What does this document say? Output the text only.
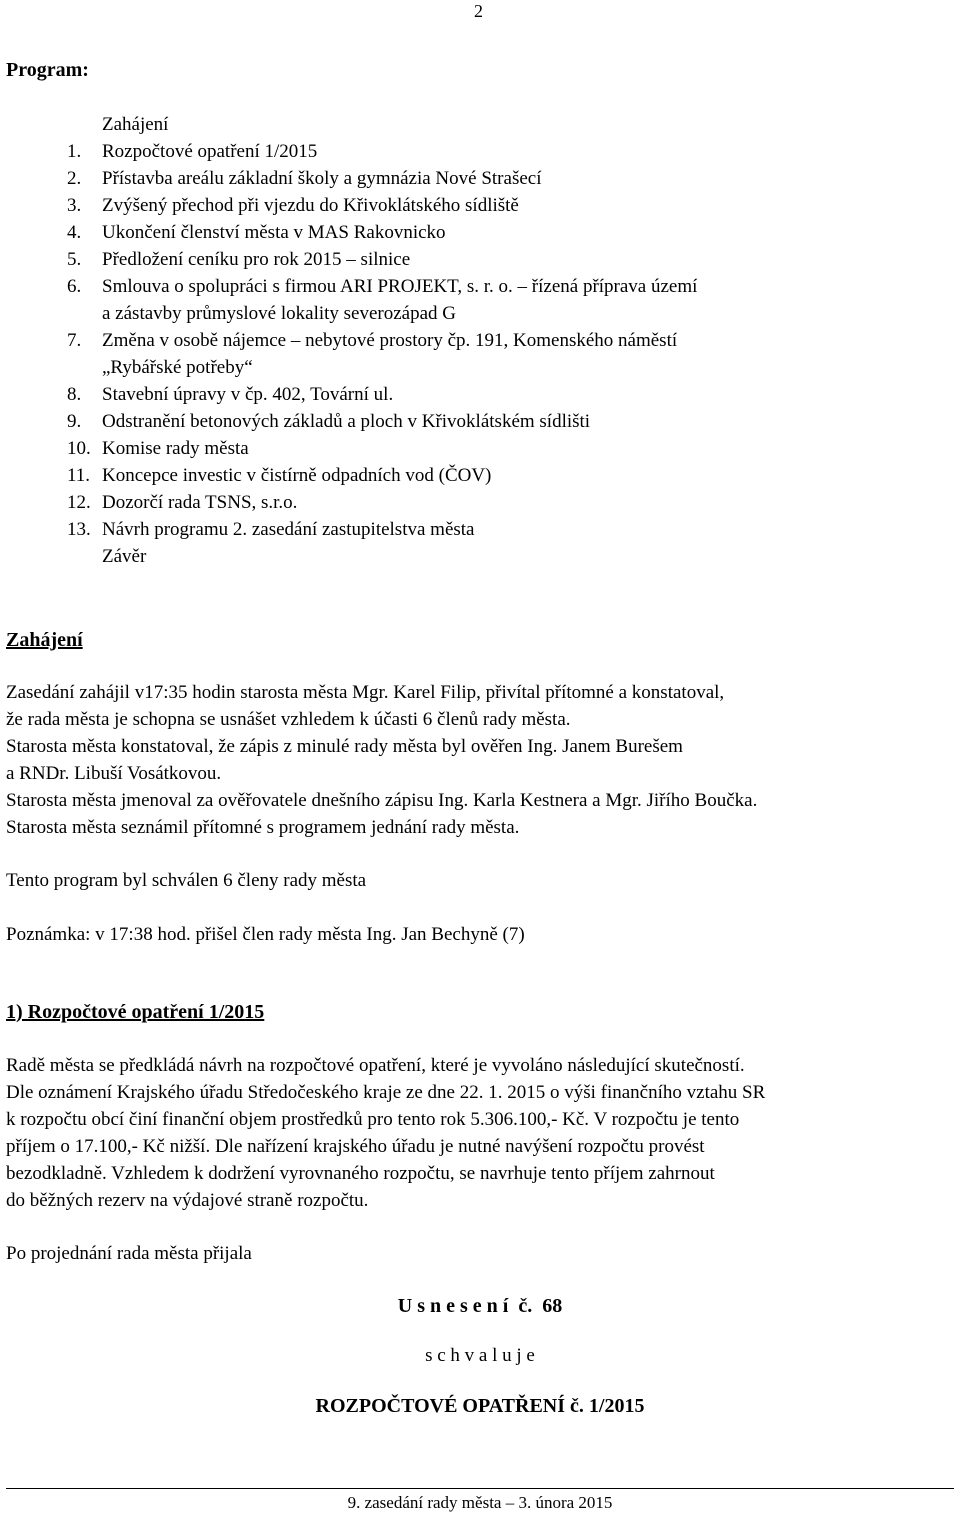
2
Program:
Zahájení
1. Rozpočtové opatření 1/2015
2. Přístavba areálu základní školy a gymnázia Nové Strašecí
3. Zvýšený přechod při vjezdu do Křivoklátského sídliště
4. Ukončení členství města v MAS Rakovnicko
5. Předložení ceníku pro rok 2015 – silnice
6. Smlouva o spolupráci s firmou ARI PROJEKT, s. r. o. – řízená příprava území
a zástavby průmyslové lokality severozápad G
7. Změna v osobě nájemce – nebytové prostory čp. 191, Komenského náměstí
„Rybářské potřeby“
8. Stavební úpravy v čp. 402, Tovární ul.
9. Odstranění betonových základů a ploch v Křivoklátském sídlišti
10. Komise rady města
11. Koncepce investic v čistírně odpadních vod (ČOV)
12. Dozorčí rada TSNS, s.r.o.
13. Návrh programu 2. zasedání zastupitelstva města
Závěr
Zahájení
Zasedání zahájil v17:35 hodin starosta města Mgr. Karel Filip, přivítal přítomné a konstatoval,
že rada města je schopna se usnášet vzhledem k účasti 6 členů rady města.
Starosta města konstatoval, že zápis z minulé rady města byl ověřen Ing. Janem Burešem
a RNDr. Libuší Vosátkovou.
Starosta města jmenoval za ověřovatele dnešního zápisu Ing. Karla Kestnera a Mgr. Jiřího Boučka.
Starosta města seznámil přítomné s programem jednání rady města.
Tento program byl schválen 6 členy rady města
Poznámka: v 17:38 hod. přišel člen rady města Ing. Jan Bechyně (7)
1) Rozpočtové opatření 1/2015
Radě města se předkládá návrh na rozpočtové opatření, které je vyvoláno následující skutečností.
Dle oznámení Krajského úřadu Středočeského kraje ze dne 22. 1. 2015 o výši finančního vztahu SR
k rozpočtu obcí činí finanční objem prostředků pro tento rok 5.306.100,- Kč. V rozpočtu je tento
příjem o 17.100,- Kč nižší. Dle nařízení krajského úřadu je nutné navýšení rozpočtu provést
bezodkladně. Vzhledem k dodržení vyrovnaného rozpočtu, se navrhuje tento příjem zahrnout
do běžných rezerv na výdajové straně rozpočtu.
Po projednání rada města přijala
U s n e s e n í  č.  68
s c h v a l u j e
ROZPOČTOVÉ OPATŘENÍ č. 1/2015
9. zasedání rady města – 3. února 2015
